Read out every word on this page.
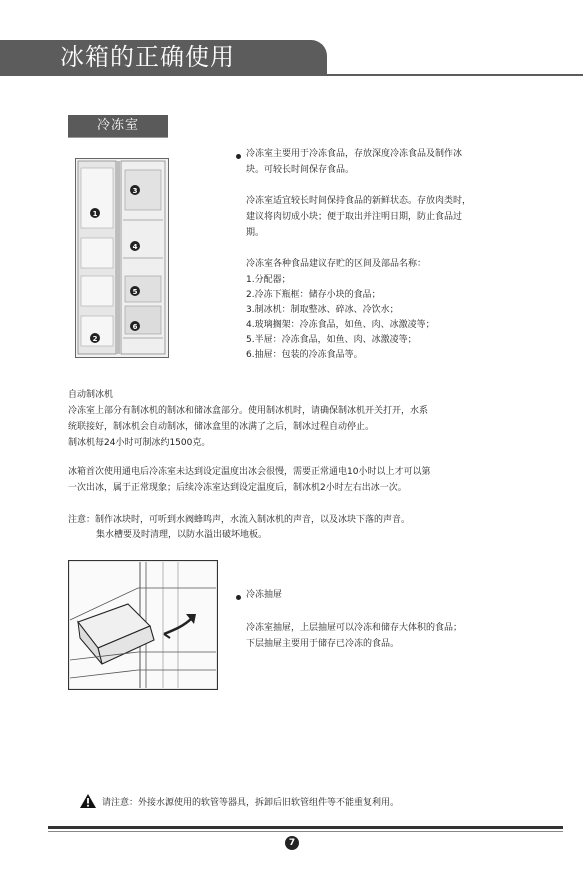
冰箱的正确使用
冷冻室
1
2
3
4
5
6
冷冻室主要用于冷冻食品，存放深度冷冻食品及制作冰
块。可较长时间保存食品。
冷冻室适宜较长时间保持食品的新鲜状态。存放肉类时，
建议将肉切成小块；便于取出并注明日期，防止食品过
期。
冷冻室各种食品建议存贮的区间及部品名称：
1.分配器；
2.冷冻下瓶框：储存小块的食品；
3.制冰机：制取整冰、碎冰、冷饮水；
4.玻璃搁架：冷冻食品，如鱼、肉、冰激凌等；
5.半屉：冷冻食品，如鱼、肉、冰激凌等；
6.抽屉：包装的冷冻食品等。
自动制冰机
冷冻室上部分有制冰机的制冰和储冰盒部分。使用制冰机时，请确保制冰机开关打开，水系
统联接好，制冰机会自动制冰，储冰盒里的冰满了之后，制冰过程自动停止。
制冰机每24小时可制冰约1500克。
冰箱首次使用通电后冷冻室未达到设定温度出冰会很慢，需要正常通电10小时以上才可以第
一次出冰，属于正常现象；后续冷冻室达到设定温度后，制冰机2小时左右出冰一次。
注意：制作冰块时，可听到水阀蜂鸣声，水流入制冰机的声音，以及冰块下落的声音。
集水槽要及时清理，以防水溢出破坏地板。
冷冻抽屉
冷冻室抽屉，上层抽屉可以冷冻和储存大体积的食品；
下层抽屉主要用于储存已冷冻的食品。
请注意：外接水源使用的软管等器具，拆卸后旧软管组件等不能重复利用。
7
